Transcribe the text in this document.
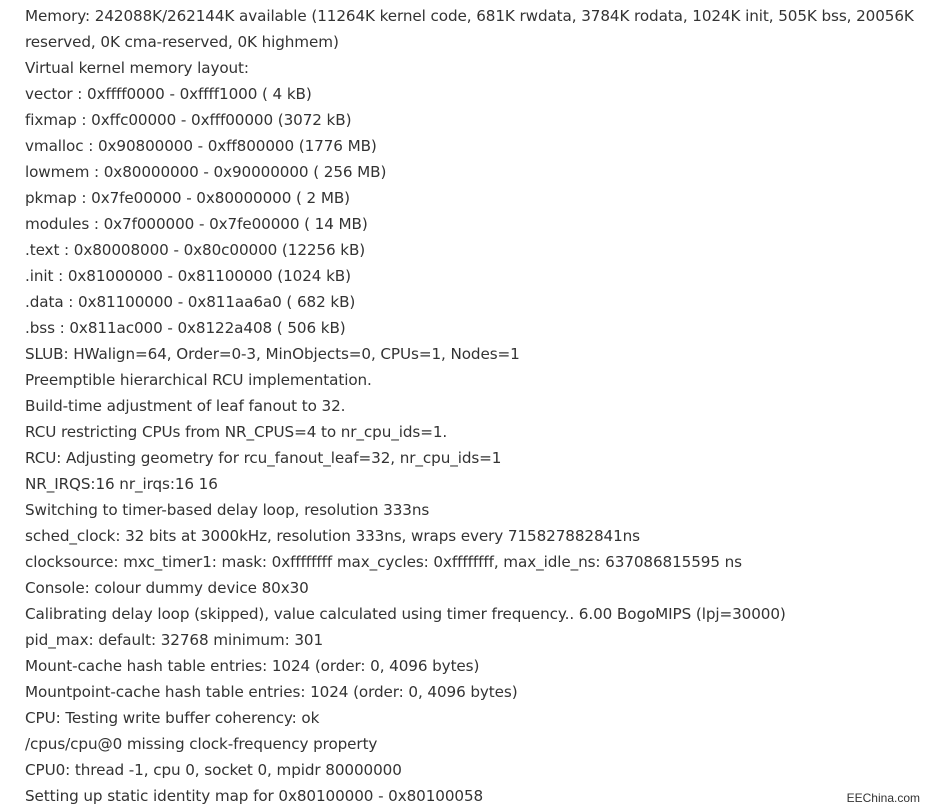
Memory: 242088K/262144K available (11264K kernel code, 681K rwdata, 3784K rodata, 1024K init, 505K bss, 20056K reserved, 0K cma-reserved, 0K highmem)
Virtual kernel memory layout:
vector : 0xffff0000 - 0xffff1000 ( 4 kB)
fixmap : 0xffc00000 - 0xfff00000 (3072 kB)
vmalloc : 0x90800000 - 0xff800000 (1776 MB)
lowmem : 0x80000000 - 0x90000000 ( 256 MB)
pkmap : 0x7fe00000 - 0x80000000 ( 2 MB)
modules : 0x7f000000 - 0x7fe00000 ( 14 MB)
.text : 0x80008000 - 0x80c00000 (12256 kB)
.init : 0x81000000 - 0x81100000 (1024 kB)
.data : 0x81100000 - 0x811aa6a0 ( 682 kB)
.bss : 0x811ac000 - 0x8122a408 ( 506 kB)
SLUB: HWalign=64, Order=0-3, MinObjects=0, CPUs=1, Nodes=1
Preemptible hierarchical RCU implementation.
Build-time adjustment of leaf fanout to 32.
RCU restricting CPUs from NR_CPUS=4 to nr_cpu_ids=1.
RCU: Adjusting geometry for rcu_fanout_leaf=32, nr_cpu_ids=1
NR_IRQS:16 nr_irqs:16 16
Switching to timer-based delay loop, resolution 333ns
sched_clock: 32 bits at 3000kHz, resolution 333ns, wraps every 715827882841ns
clocksource: mxc_timer1: mask: 0xffffffff max_cycles: 0xffffffff, max_idle_ns: 637086815595 ns
Console: colour dummy device 80x30
Calibrating delay loop (skipped), value calculated using timer frequency.. 6.00 BogoMIPS (lpj=30000)
pid_max: default: 32768 minimum: 301
Mount-cache hash table entries: 1024 (order: 0, 4096 bytes)
Mountpoint-cache hash table entries: 1024 (order: 0, 4096 bytes)
CPU: Testing write buffer coherency: ok
/cpus/cpu@0 missing clock-frequency property
CPU0: thread -1, cpu 0, socket 0, mpidr 80000000
Setting up static identity map for 0x80100000 - 0x80100058	EEChina.com
